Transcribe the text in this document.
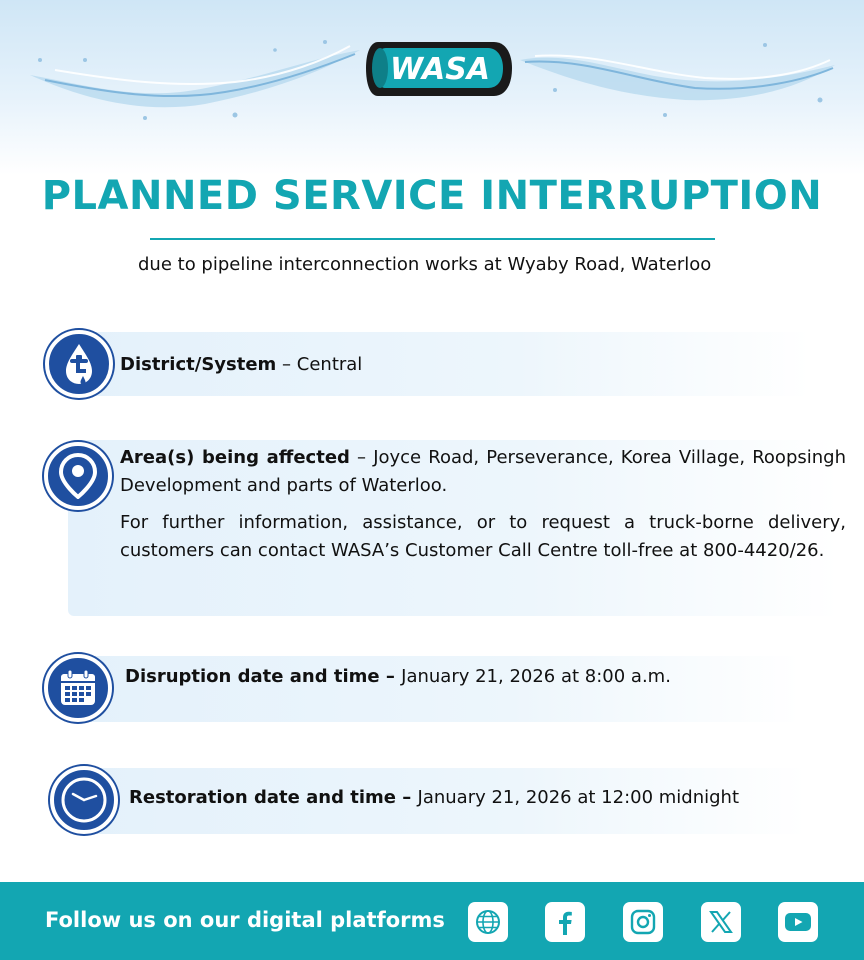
WASA
PLANNED SERVICE INTERRUPTION
due to pipeline interconnection works at Wyaby Road, Waterloo
District/System – Central
Area(s) being affected – Joyce Road, Perseverance, Korea Village, Roopsingh Development and parts of Waterloo.
For further information, assistance, or to request a truck-borne delivery, customers can contact WASA’s Customer Call Centre toll-free at 800-4420/26.
Disruption date and time – January 21, 2026 at 8:00 a.m.
Restoration date and time – January 21, 2026 at 12:00 midnight
Follow us on our digital platforms
